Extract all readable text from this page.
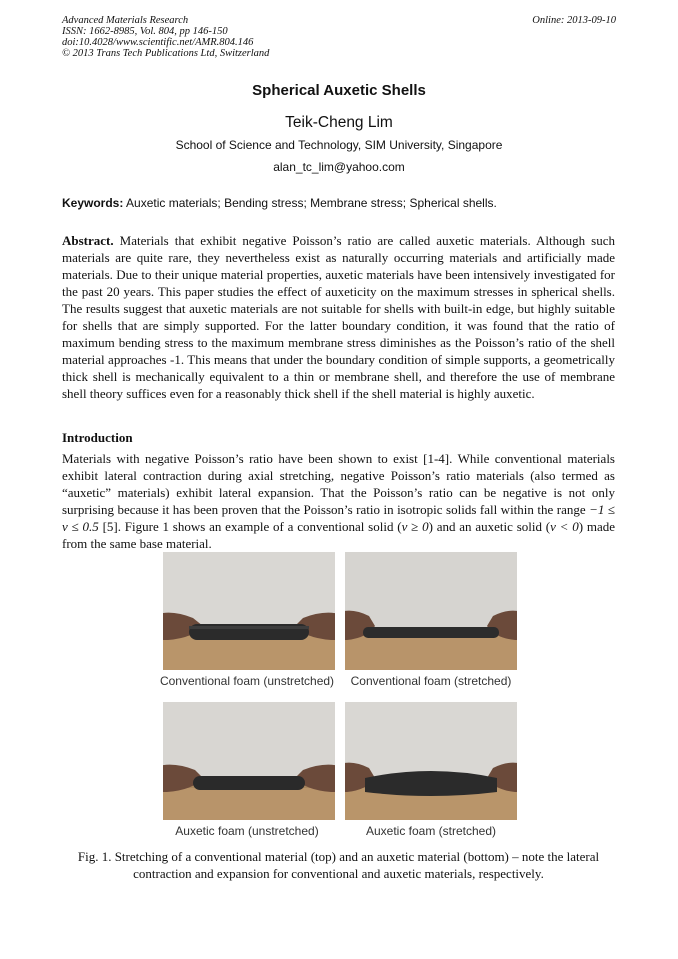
Advanced Materials Research
ISSN: 1662-8985, Vol. 804, pp 146-150
doi:10.4028/www.scientific.net/AMR.804.146
© 2013 Trans Tech Publications Ltd, Switzerland
Online: 2013-09-10
Spherical Auxetic Shells
Teik-Cheng Lim
School of Science and Technology, SIM University, Singapore
alan_tc_lim@yahoo.com
Keywords: Auxetic materials; Bending stress; Membrane stress; Spherical shells.
Abstract. Materials that exhibit negative Poisson’s ratio are called auxetic materials. Although such materials are quite rare, they nevertheless exist as naturally occurring materials and artificially made materials. Due to their unique material properties, auxetic materials have been intensively investigated for the past 20 years. This paper studies the effect of auxeticity on the maximum stresses in spherical shells. The results suggest that auxetic materials are not suitable for shells with built-in edge, but highly suitable for shells that are simply supported. For the latter boundary condition, it was found that the ratio of maximum bending stress to the maximum membrane stress diminishes as the Poisson’s ratio of the shell material approaches -1. This means that under the boundary condition of simple supports, a geometrically thick shell is mechanically equivalent to a thin or membrane shell, and therefore the use of membrane shell theory suffices even for a reasonably thick shell if the shell material is highly auxetic.
Introduction
Materials with negative Poisson’s ratio have been shown to exist [1-4]. While conventional materials exhibit lateral contraction during axial stretching, negative Poisson’s ratio materials (also termed as “auxetic” materials) exhibit lateral expansion. That the Poisson’s ratio can be negative is not only surprising because it has been proven that the Poisson’s ratio in isotropic solids fall within the range −1 ≤ v ≤ 0.5 [5]. Figure 1 shows an example of a conventional solid (v ≥ 0) and an auxetic solid (v < 0) made from the same base material.
Conventional foam (unstretched)	Conventional foam (stretched)
Auxetic foam (unstretched)	Auxetic foam (stretched)
Fig. 1. Stretching of a conventional material (top) and an auxetic material (bottom) – note the lateral contraction and expansion for conventional and auxetic materials, respectively.
